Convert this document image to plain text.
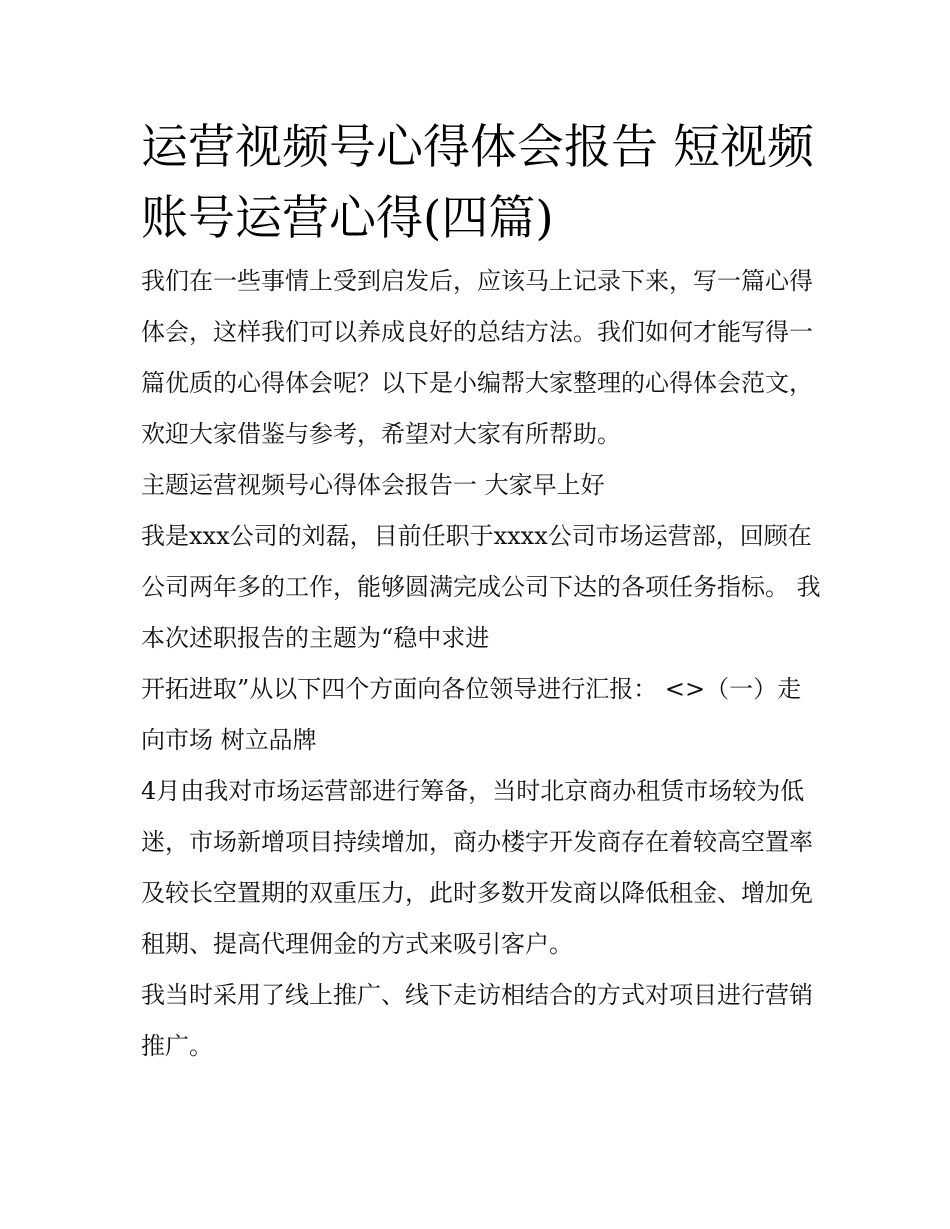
运营视频号心得体会报告 短视频账号运营心得(四篇)

我们在一些事情上受到启发后，应该马上记录下来，写一篇心得体会，这样我们可以养成良好的总结方法。我们如何才能写得一篇优质的心得体会呢？以下是小编帮大家整理的心得体会范文，欢迎大家借鉴与参考，希望对大家有所帮助。

主题运营视频号心得体会报告一 大家早上好

我是xxx公司的刘磊，目前任职于xxxx公司市场运营部，回顾在公司两年多的工作，能够圆满完成公司下达的各项任务指标。 我本次述职报告的主题为“稳中求进

开拓进取”从以下四个方面向各位领导进行汇报： <>（一）走向市场 树立品牌

4月由我对市场运营部进行筹备，当时北京商办租赁市场较为低迷，市场新增项目持续增加，商办楼宇开发商存在着较高空置率及较长空置期的双重压力，此时多数开发商以降低租金、增加免租期、提高代理佣金的方式来吸引客户。

我当时采用了线上推广、线下走访相结合的方式对项目进行营销推广。
